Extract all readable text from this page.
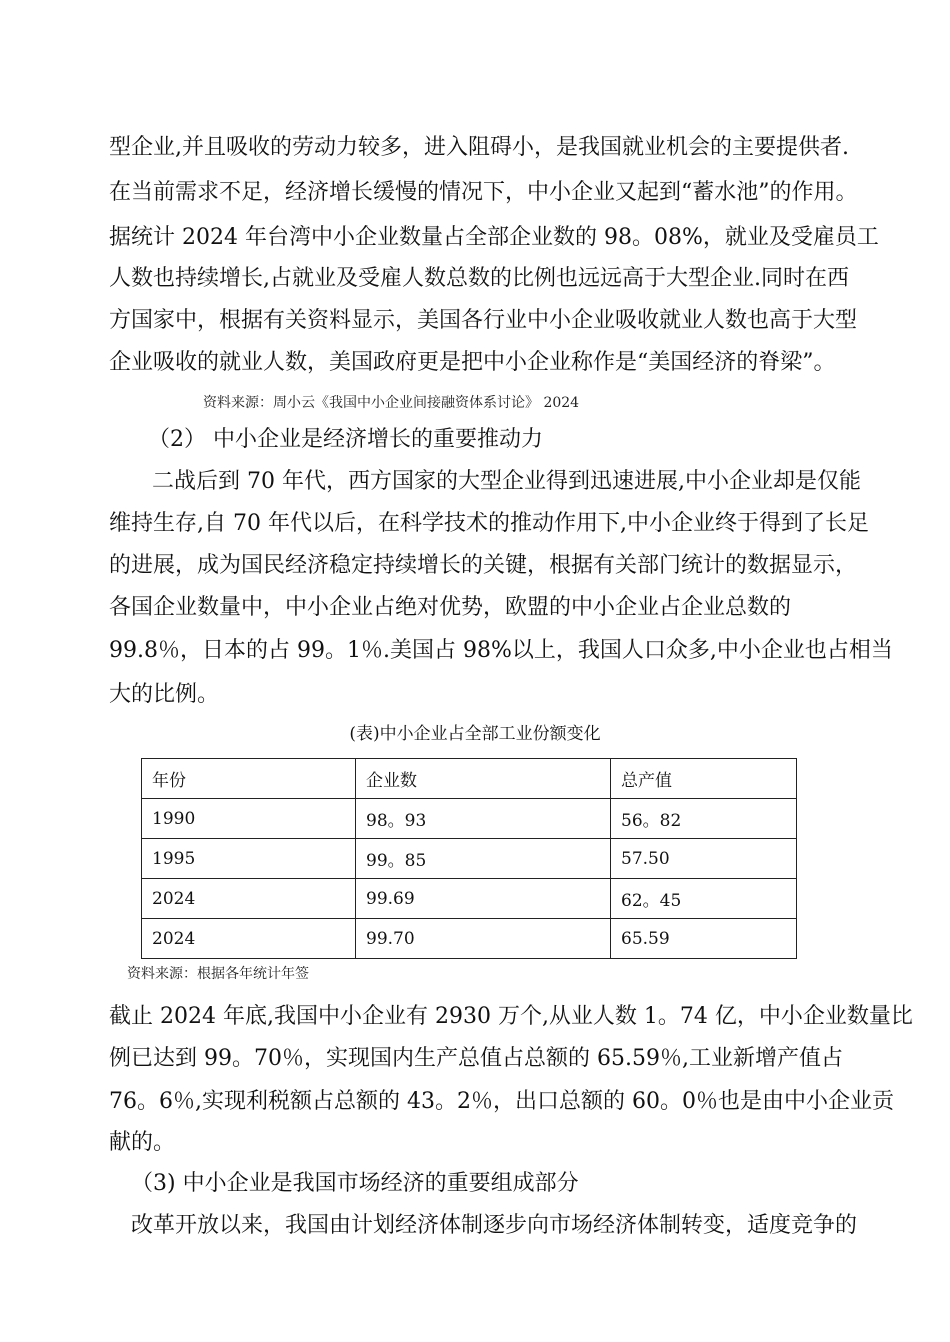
型企业,并且吸收的劳动力较多，进入阻碍小，是我国就业机会的主要提供者.
在当前需求不足，经济增长缓慢的情况下，中小企业又起到“蓄水池”的作用。
据统计 2024 年台湾中小企业数量占全部企业数的 98。08%，就业及受雇员工
人数也持续增长,占就业及受雇人数总数的比例也远远高于大型企业.同时在西
方国家中，根据有关资料显示，美国各行业中小企业吸收就业人数也高于大型
企业吸收的就业人数，美国政府更是把中小企业称作是“美国经济的脊梁”。
资料来源：周小云《我国中小企业间接融资体系讨论》 2024
（2） 中小企业是经济增长的重要推动力
二战后到 70 年代，西方国家的大型企业得到迅速进展,中小企业却是仅能
维持生存,自 70 年代以后，在科学技术的推动作用下,中小企业终于得到了长足
的进展，成为国民经济稳定持续增长的关键，根据有关部门统计的数据显示，
各国企业数量中，中小企业占绝对优势，欧盟的中小企业占企业总数的
99.8％，日本的占 99。1％.美国占 98%以上，我国人口众多,中小企业也占相当
大的比例。
(表)中小企业占全部工业份额变化
年份	企业数	总产值
1990	98。93	56。82
1995	99。85	57.50
2024	99.69	62。45
2024	99.70	65.59
资料来源：根据各年统计年签
截止 2024 年底,我国中小企业有 2930 万个,从业人数 1。74 亿，中小企业数量比
例已达到 99。70％，实现国内生产总值占总额的 65.59％,工业新增产值占
76。6％,实现利税额占总额的 43。2％，出口总额的 60。0％也是由中小企业贡
献的。
（3) 中小企业是我国市场经济的重要组成部分
改革开放以来，我国由计划经济体制逐步向市场经济体制转变，适度竞争的
